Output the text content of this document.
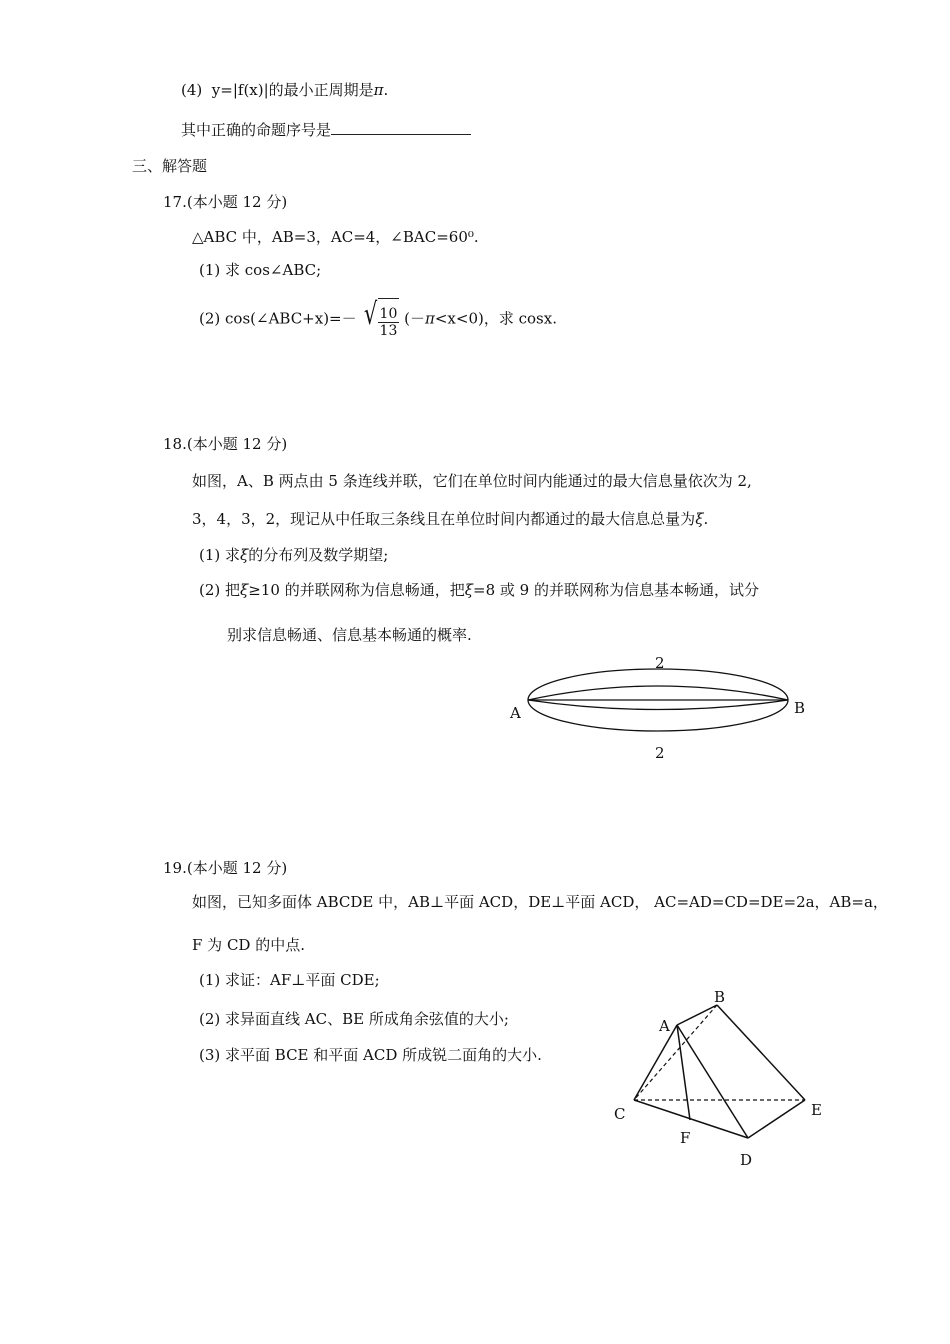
(4) y=|f(x)|的最小正周期是π.
其中正确的命题序号是
三、解答题
17.(本小题 12 分)
△ABC 中，AB=3，AC=4，∠BAC=60⁰.
(1) 求 cos∠ABC;
(2) cos(∠ABC+x)=－ √ $\frac{10}{13} (-\pi<x<0)$，求 cosx.
18.(本小题 12 分)
如图，A、B 两点由 5 条连线并联，它们在单位时间内能通过的最大信息量依次为 2,
3，4，3，2，现记从中任取三条线且在单位时间内都通过的最大信息总量为ξ.
(1) 求ξ的分布列及数学期望;
(2) 把ξ≥10 的并联网称为信息畅通，把ξ=8 或 9 的并联网称为信息基本畅通，试分
别求信息畅通、信息基本畅通的概率.
A	B
2
2
19.(本小题 12 分)
如图，已知多面体 ABCDE 中，AB⊥平面 ACD，DE⊥平面 ACD， AC=AD=CD=DE=2a，AB=a，
F 为 CD 的中点.
(1) 求证：AF⊥平面 CDE;
(2) 求异面直线 AC、BE 所成角余弦值的大小;
(3) 求平面 BCE 和平面 ACD 所成锐二面角的大小.
A
B
C
D
E
F
